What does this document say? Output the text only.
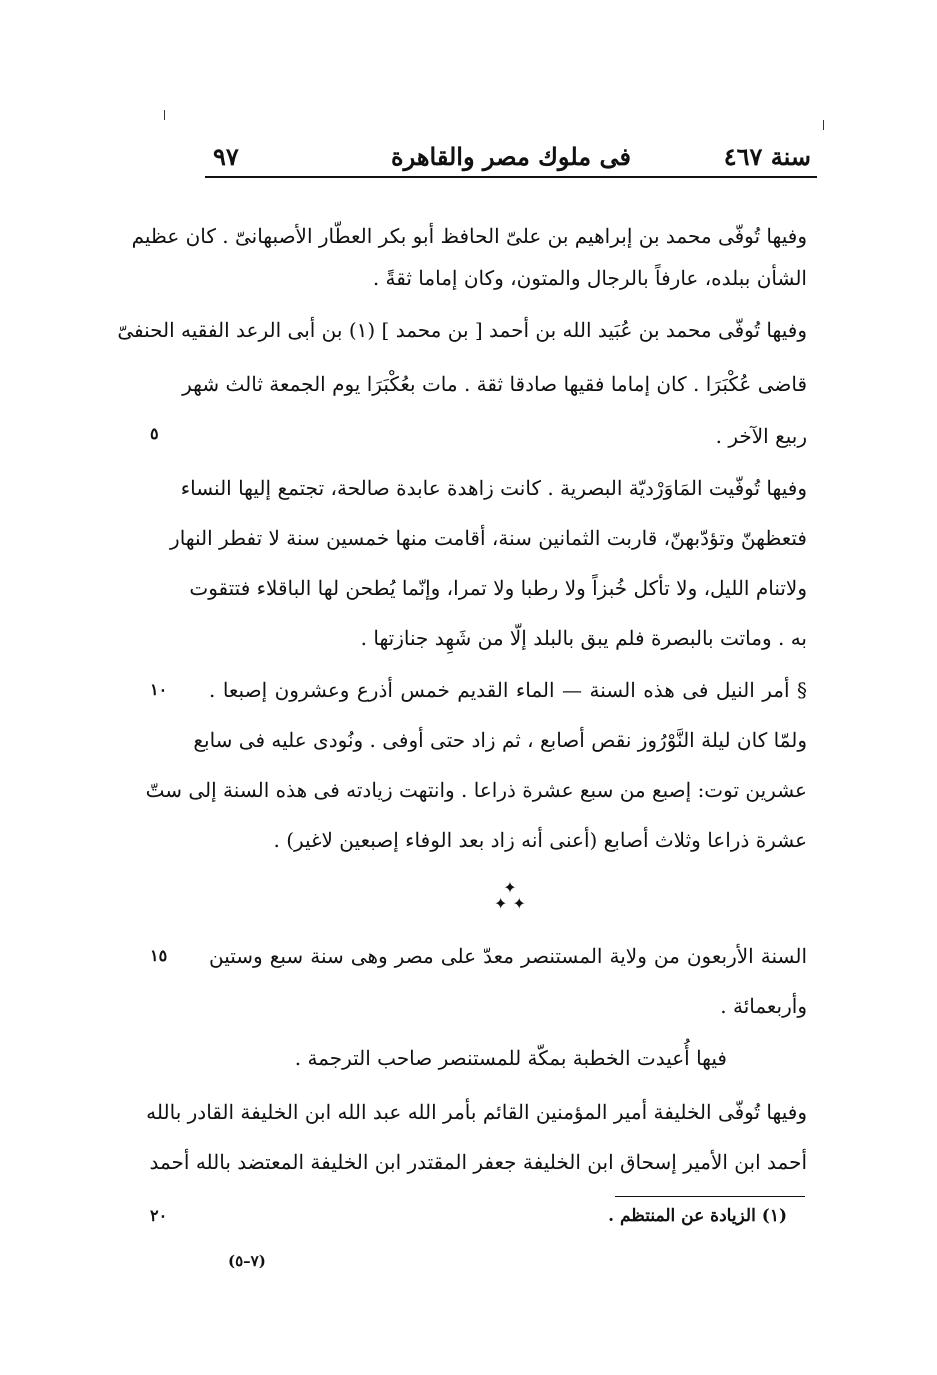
سنة ٤٦٧
فى ملوك مصر والقاهرة
٩٧
وفيها تُوفّى محمد بن إبراهيم بن علىّ الحافظ أبو بكر العطّار الأصبهانىّ . كان عظيم
الشأن ببلده، عارفاً بالرجال والمتون، وكان إماما ثقةً .
وفيها تُوفّى محمد بن عُبَيد الله بن أحمد [ بن محمد ] (١) بن أبى الرعد الفقيه الحنفىّ
قاضى عُكْبَرَا . كان إماما فقيها صادقا ثقة . مات بعُكْبَرَا يوم الجمعة ثالث شهر
ربيع الآخر .
وفيها تُوفّيت المَاوَرْديّة البصرية . كانت زاهدة عابدة صالحة، تجتمع إليها النساء
فتعظهنّ وتؤدّبهنّ، قاربت الثمانين سنة، أقامت منها خمسين سنة لا تفطر النهار
ولاتنام الليل، ولا تأكل خُبزاً ولا رطبا ولا تمرا، وإنّما يُطحن لها الباقلاء فتتقوت
به . وماتت بالبصرة فلم يبق بالبلد إلّا من شَهِد جنازتها .
§ أمر النيل فى هذه السنة — الماء القديم خمس أذرع وعشرون إصبعا .
ولمّا كان ليلة النَّوْرُوز نقص أصابع ، ثم زاد حتى أوفى . ونُودى عليه فى سابع
عشرين توت: إصبع من سبع عشرة ذراعا . وانتهت زيادته فى هذه السنة إلى ستّ
عشرة ذراعا وثلاث أصابع (أعنى أنه زاد بعد الوفاء إصبعين لاغير) .
✦
✦ ✦
السنة الأربعون من ولاية المستنصر معدّ على مصر وهى سنة سبع وستين
وأربعمائة .
فيها أُعيدت الخطبة بمكّة للمستنصر صاحب الترجمة .
وفيها تُوفّى الخليفة أمير المؤمنين القائم بأمر الله عبد الله ابن الخليفة القادر بالله
أحمد ابن الأمير إسحاق ابن الخليفة جعفر المقتدر ابن الخليفة المعتضد بالله أحمد
٥
١٠
١٥
٢٠	(١) الزيادة عن المنتظم .
(٧–٥)
